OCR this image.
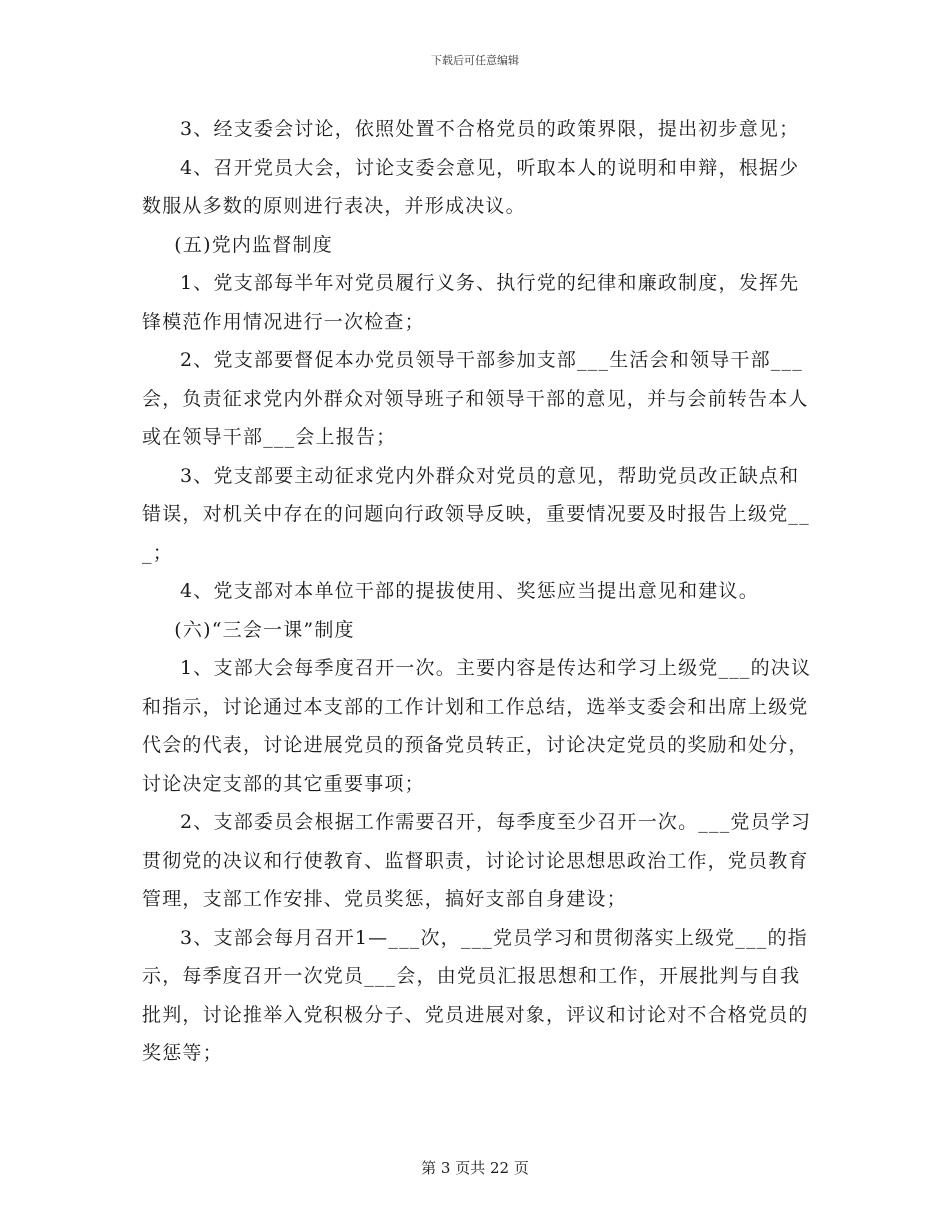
下载后可任意编辑

3、经支委会讨论，依照处置不合格党员的政策界限，提出初步意见；

4、召开党员大会，讨论支委会意见，听取本人的说明和申辩，根据少数服从多数的原则进行表决，并形成决议。

(五)党内监督制度

1、党支部每半年对党员履行义务、执行党的纪律和廉政制度，发挥先锋模范作用情况进行一次检查；

2、党支部要督促本办党员领导干部参加支部___生活会和领导干部___会，负责征求党内外群众对领导班子和领导干部的意见，并与会前转告本人或在领导干部___会上报告；

3、党支部要主动征求党内外群众对党员的意见，帮助党员改正缺点和错误，对机关中存在的问题向行政领导反映，重要情况要及时报告上级党___；

4、党支部对本单位干部的提拔使用、奖惩应当提出意见和建议。

(六)“三会一课”制度

1、支部大会每季度召开一次。主要内容是传达和学习上级党___的决议和指示，讨论通过本支部的工作计划和工作总结，选举支委会和出席上级党代会的代表，讨论进展党员的预备党员转正，讨论决定党员的奖励和处分，讨论决定支部的其它重要事项；

2、支部委员会根据工作需要召开，每季度至少召开一次。___党员学习贯彻党的决议和行使教育、监督职责，讨论讨论思想思政治工作，党员教育管理，支部工作安排、党员奖惩，搞好支部自身建设；

3、支部会每月召开1—___次，___党员学习和贯彻落实上级党___的指示，每季度召开一次党员___会，由党员汇报思想和工作，开展批判与自我批判，讨论推举入党积极分子、党员进展对象，评议和讨论对不合格党员的奖惩等；

第 3 页共 22 页
